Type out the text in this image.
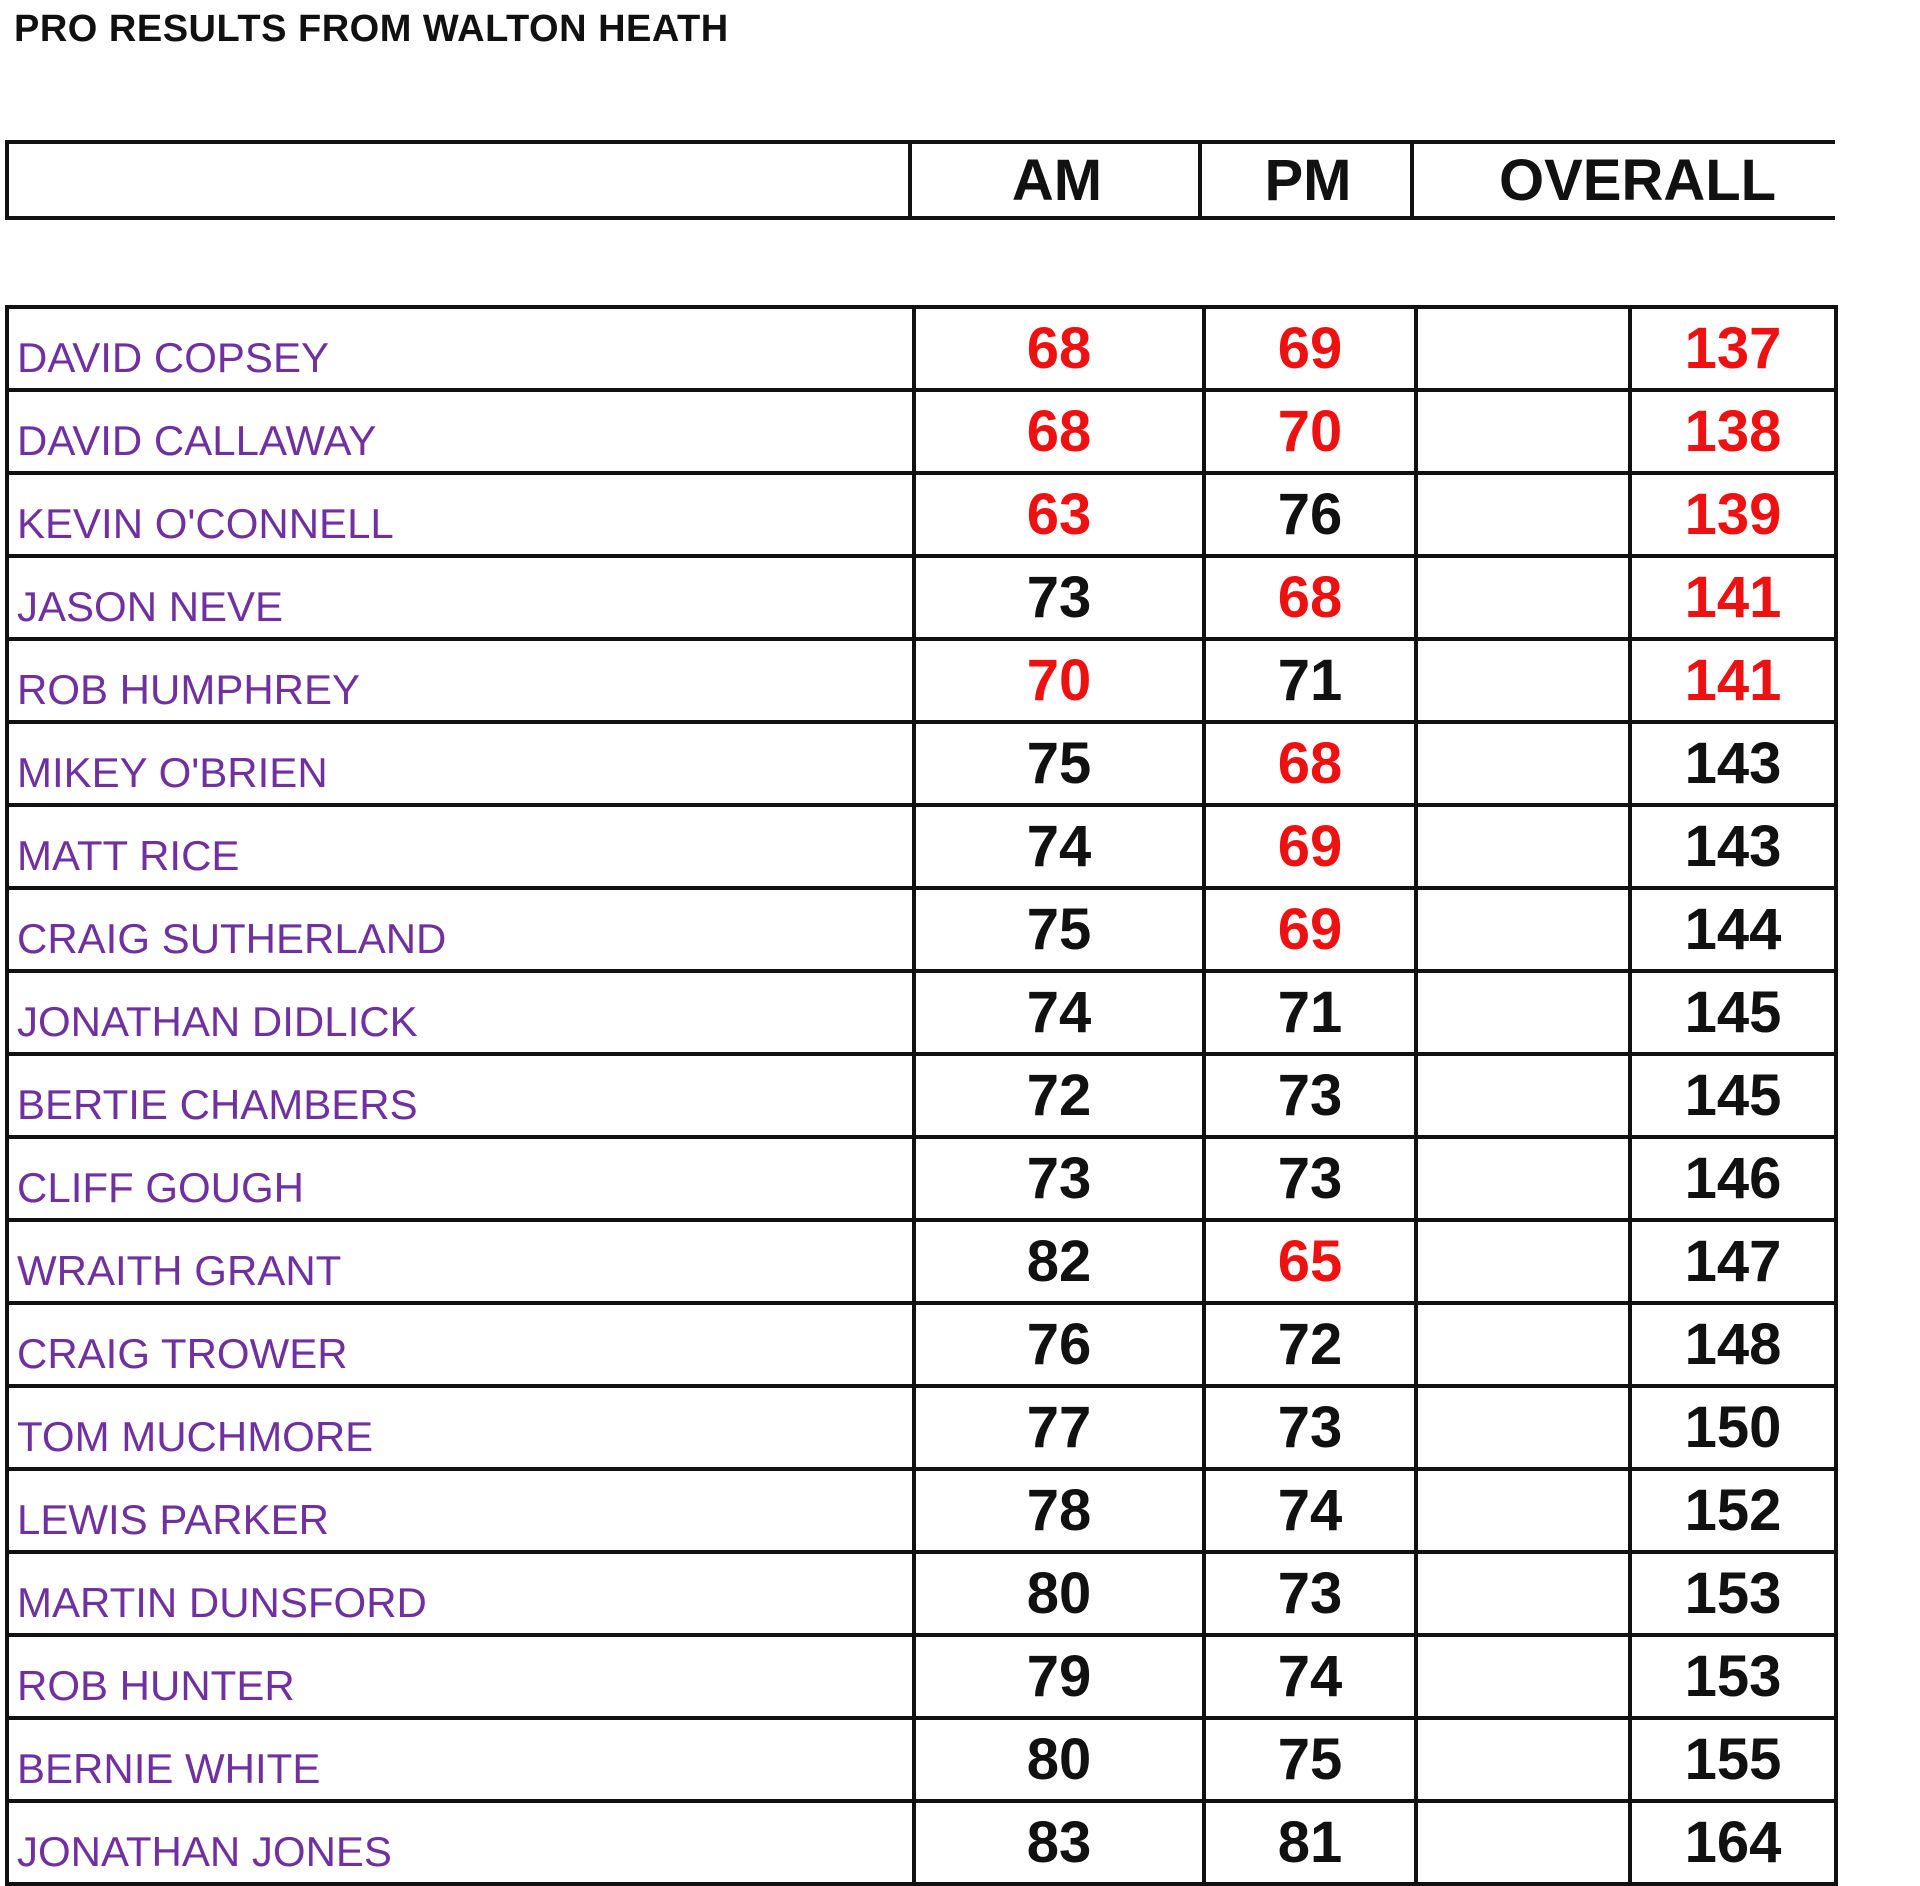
PRO RESULTS FROM WALTON HEATH
AM	PM	OVERALL
DAVID COPSEY	68	69	137
DAVID CALLAWAY	68	70	138
KEVIN O'CONNELL	63	76	139
JASON NEVE	73	68	141
ROB HUMPHREY	70	71	141
MIKEY O'BRIEN	75	68	143
MATT RICE	74	69	143
CRAIG SUTHERLAND	75	69	144
JONATHAN DIDLICK	74	71	145
BERTIE CHAMBERS	72	73	145
CLIFF GOUGH	73	73	146
WRAITH GRANT	82	65	147
CRAIG TROWER	76	72	148
TOM MUCHMORE	77	73	150
LEWIS PARKER	78	74	152
MARTIN DUNSFORD	80	73	153
ROB HUNTER	79	74	153
BERNIE WHITE	80	75	155
JONATHAN JONES	83	81	164
